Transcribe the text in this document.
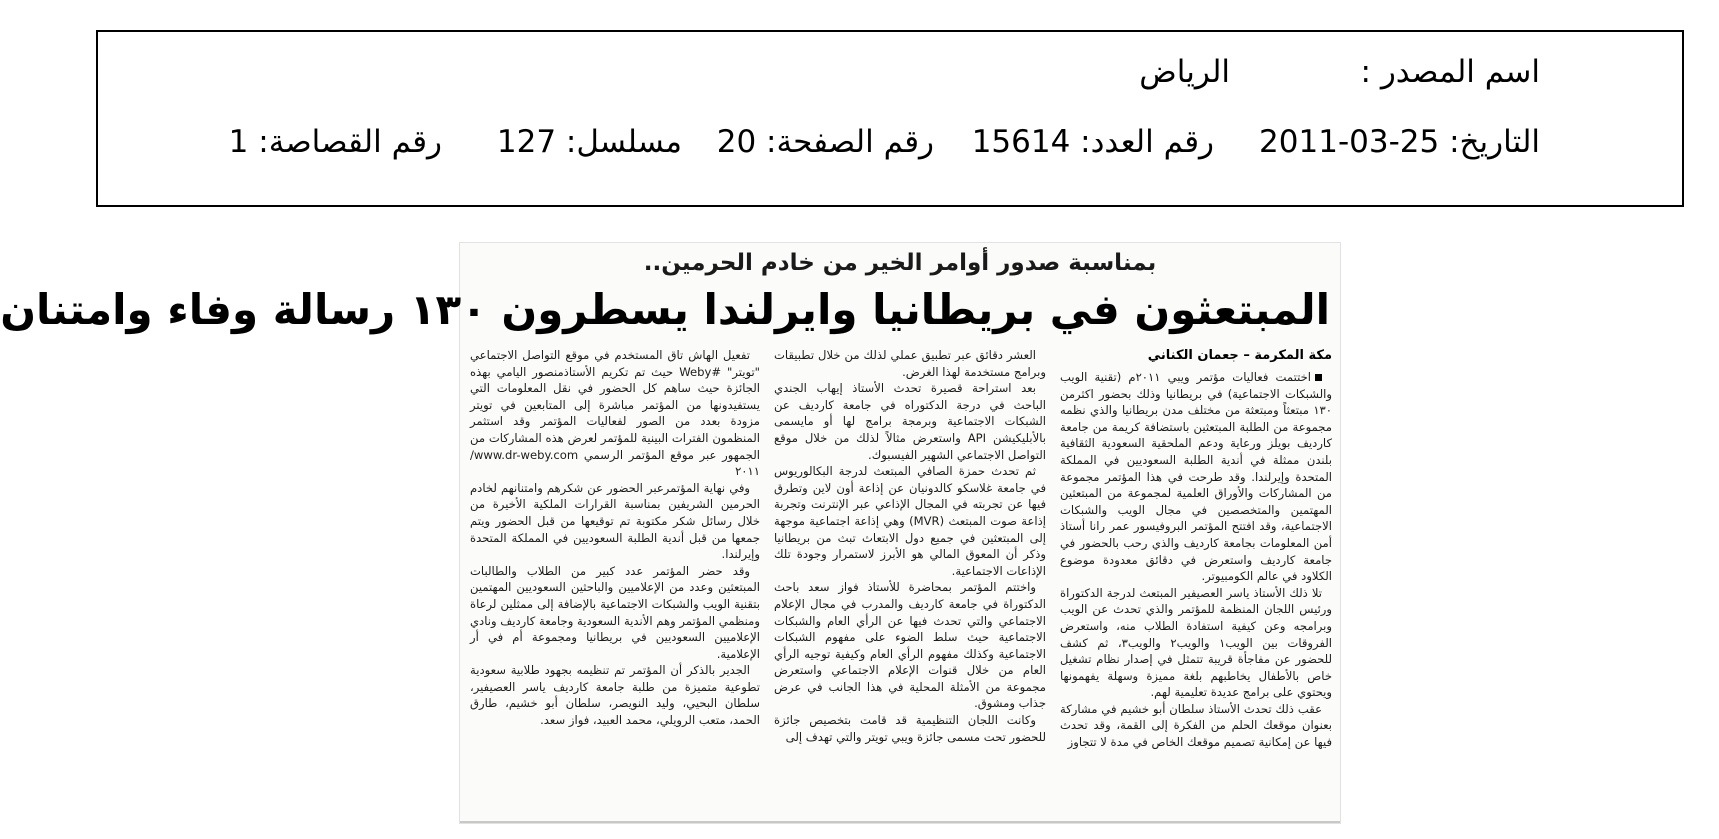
اسم المصدر :
الرياض
التاريخ: 25-03-2011
رقم العدد: 15614
رقم الصفحة: 20
مسلسل: 127
رقم القصاصة: 1
بمناسبة صدور أوامر الخير من خادم الحرمين..
المبتعثون في بريطانيا وايرلندا يسطرون ١٣٠ رسالة وفاء وامتنان
مكة المكرمة – جعمان الكناني

اختتمت فعاليات مؤتمر ويبي ٢٠١١م (تقنية الويب والشبكات الاجتماعية) في بريطانيا وذلك بحضور اكثرمن ١٣٠ مبتعثاً ومبتعثة من مختلف مدن بريطانيا والذي نظمه مجموعة من الطلبة المبتعثين باستضافة كريمة من جامعة كارديف بويلز ورعاية ودعم الملحقية السعودية الثقافية بلندن ممثلة في أندية الطلبة السعوديين في المملكة المتحدة وإيرلندا. وقد طرحت في هذا المؤتمر مجموعة من المشاركات والأوراق العلمية لمجموعة من المبتعثين المهتمين والمتخصصين في مجال الويب والشبكات الاجتماعية، وقد افتتح المؤتمر البروفيسور عمر رانا أستاذ أمن المعلومات بجامعة كارديف والذي رحب بالحضور في جامعة كارديف واستعرض في دقائق معدودة موضوع الكلاود في عالم الكومبيوتر.

تلا ذلك الأستاذ ياسر العصيفير المبتعث لدرجة الدكتوراة ورئيس اللجان المنظمة للمؤتمر والذي تحدث عن الويب وبرامجه وعن كيفية استفادة الطلاب منه، واستعرض الفروقات بين الويب١ والويب٢ والويب٣، ثم كشف للحضور عن مفاجأة قريبة تتمثل في إصدار نظام تشغيل خاص بالأطفال يخاطبهم بلغة مميزة وسهلة يفهمونها ويحتوي على برامج عديدة تعليمية لهم.

عقب ذلك تحدث الأستاذ سلطان أبو خشيم في مشاركة بعنوان موقعك الحلم من الفكرة إلى القمة، وقد تحدث فيها عن إمكانية تصميم موقعك الخاص في مدة لا تتجاوز

العشر دقائق عبر تطبيق عملي لذلك من خلال تطبيقات وبرامج مستخدمة لهذا الغرض.

بعد استراحة قصيرة تحدث الأستاذ إيهاب الجندي الباحث في درجة الدكتوراه في جامعة كارديف عن الشبكات الاجتماعية وبرمجة برامج لها أو مايسمى بالأبليكيشن API واستعرض مثالاً لذلك من خلال موقع التواصل الاجتماعي الشهير الفيسبوك.

ثم تحدث حمزة الصافي المبتعث لدرجة البكالوريوس في جامعة غلاسكو كالدونيان عن إذاعة أون لاين وتطرق فيها عن تجربته في المجال الإذاعي عبر الإنترنت وتجربة إذاعة صوت المبتعث (MVR) وهي إذاعة اجتماعية موجهة إلى المبتعثين في جميع دول الابتعاث تبث من بريطانيا وذكر أن المعوق المالي هو الأبرز لاستمرار وجودة تلك الإذاعات الاجتماعية.

واختتم المؤتمر بمحاضرة للأستاذ فواز سعد باحث الدكتوراة في جامعة كارديف والمدرب في مجال الإعلام الاجتماعي والتي تحدث فيها عن الرأي العام والشبكات الاجتماعية حيث سلط الضوء على مفهوم الشبكات الاجتماعية وكذلك مفهوم الرأي العام وكيفية توجيه الرأي العام من خلال قنوات الإعلام الاجتماعي واستعرض مجموعة من الأمثلة المحلية في هذا الجانب في عرض جذاب ومشوق.

وكانت اللجان التنظيمية قد قامت بتخصيص جائزة للحضور تحت مسمى جائزة ويبي تويتر والتي تهدف إلى

تفعيل الهاش تاق المستخدم في موقع التواصل الاجتماعي "تويتر" #Weby حيث تم تكريم الأستاذمنصور اليامي بهذه الجائزة حيث ساهم كل الحضور في نقل المعلومات التي يستفيدونها من المؤتمر مباشرة إلى المتابعين في تويتر مزودة بعدد من الصور لفعاليات المؤتمر وقد استثمر المنظمون الفترات البينية للمؤتمر لعرض هذه المشاركات من الجمهور عبر موقع المؤتمر الرسمي www.dr-weby.com/٢٠١١

وفي نهاية المؤتمرعبر الحضور عن شكرهم وامتنانهم لخادم الحرمين الشريفين بمناسبة القرارات الملكية الأخيرة من خلال رسائل شكر مكتوبة تم توقيعها من قبل الحضور ويتم جمعها من قبل أندية الطلبة السعوديين في المملكة المتحدة وإيرلندا.

وقد حضر المؤتمر عدد كبير من الطلاب والطالبات المبتعثين وعدد من الإعلاميين والباحثين السعوديين المهتمين بتقنية الويب والشبكات الاجتماعية بالإضافة إلى ممثلين لرعاة ومنظمي المؤتمر وهم الأندية السعودية وجامعة كارديف ونادي الإعلاميين السعوديين في بريطانيا ومجموعة أم في أر الإعلامية.

الجدير بالذكر أن المؤتمر تم تنظيمه بجهود طلابية سعودية تطوعية متميزة من طلبة جامعة كارديف ياسر العصيفير، سلطان البحيي، وليد النويصر، سلطان أبو خشيم، طارق الحمد، متعب الرويلي، محمد العبيد، فواز سعد.
